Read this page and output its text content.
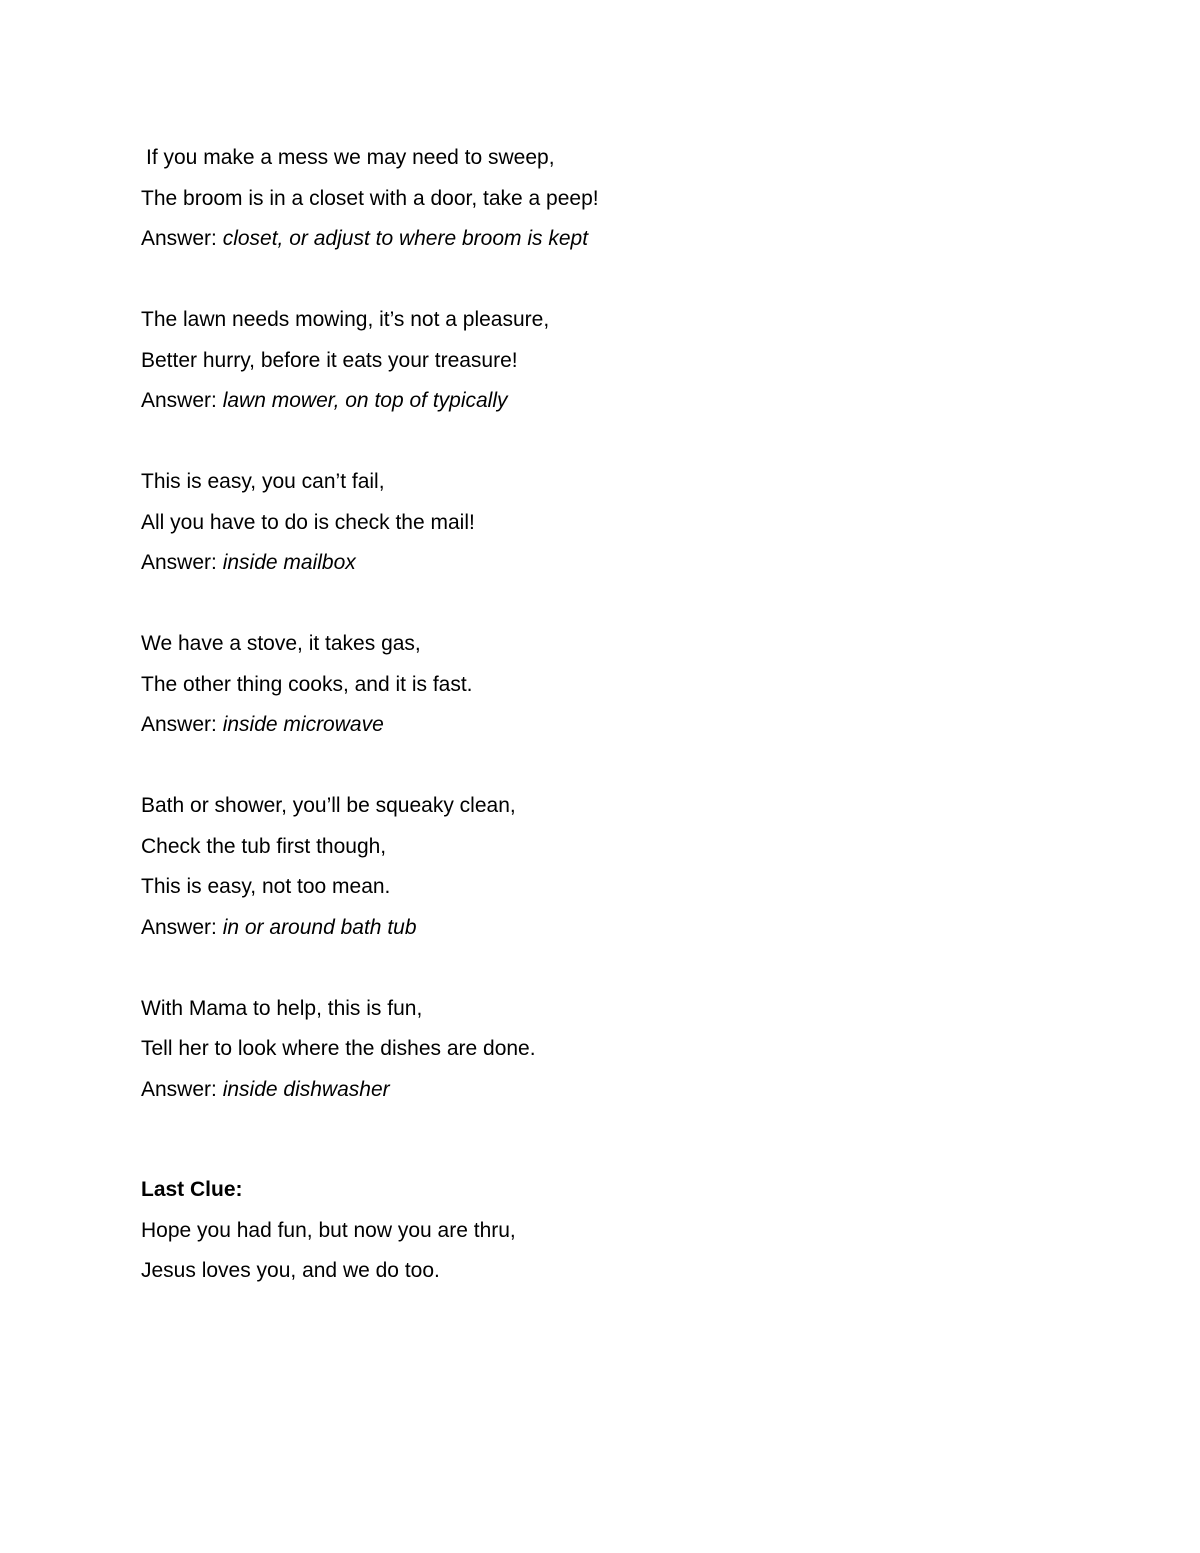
If you make a mess we may need to sweep,
The broom is in a closet with a door, take a peep!
Answer: closet, or adjust to where broom is kept
The lawn needs mowing, it’s not a pleasure,
Better hurry, before it eats your treasure!
Answer: lawn mower, on top of typically
This is easy, you can’t fail,
All you have to do is check the mail!
Answer: inside mailbox
We have a stove, it takes gas,
The other thing cooks, and it is fast.
Answer: inside microwave
Bath or shower, you’ll be squeaky clean,
Check the tub first though,
This is easy, not too mean.
Answer: in or around bath tub
With Mama to help, this is fun,
Tell her to look where the dishes are done.
Answer: inside dishwasher
Last Clue:
Hope you had fun, but now you are thru,
Jesus loves you, and we do too.
